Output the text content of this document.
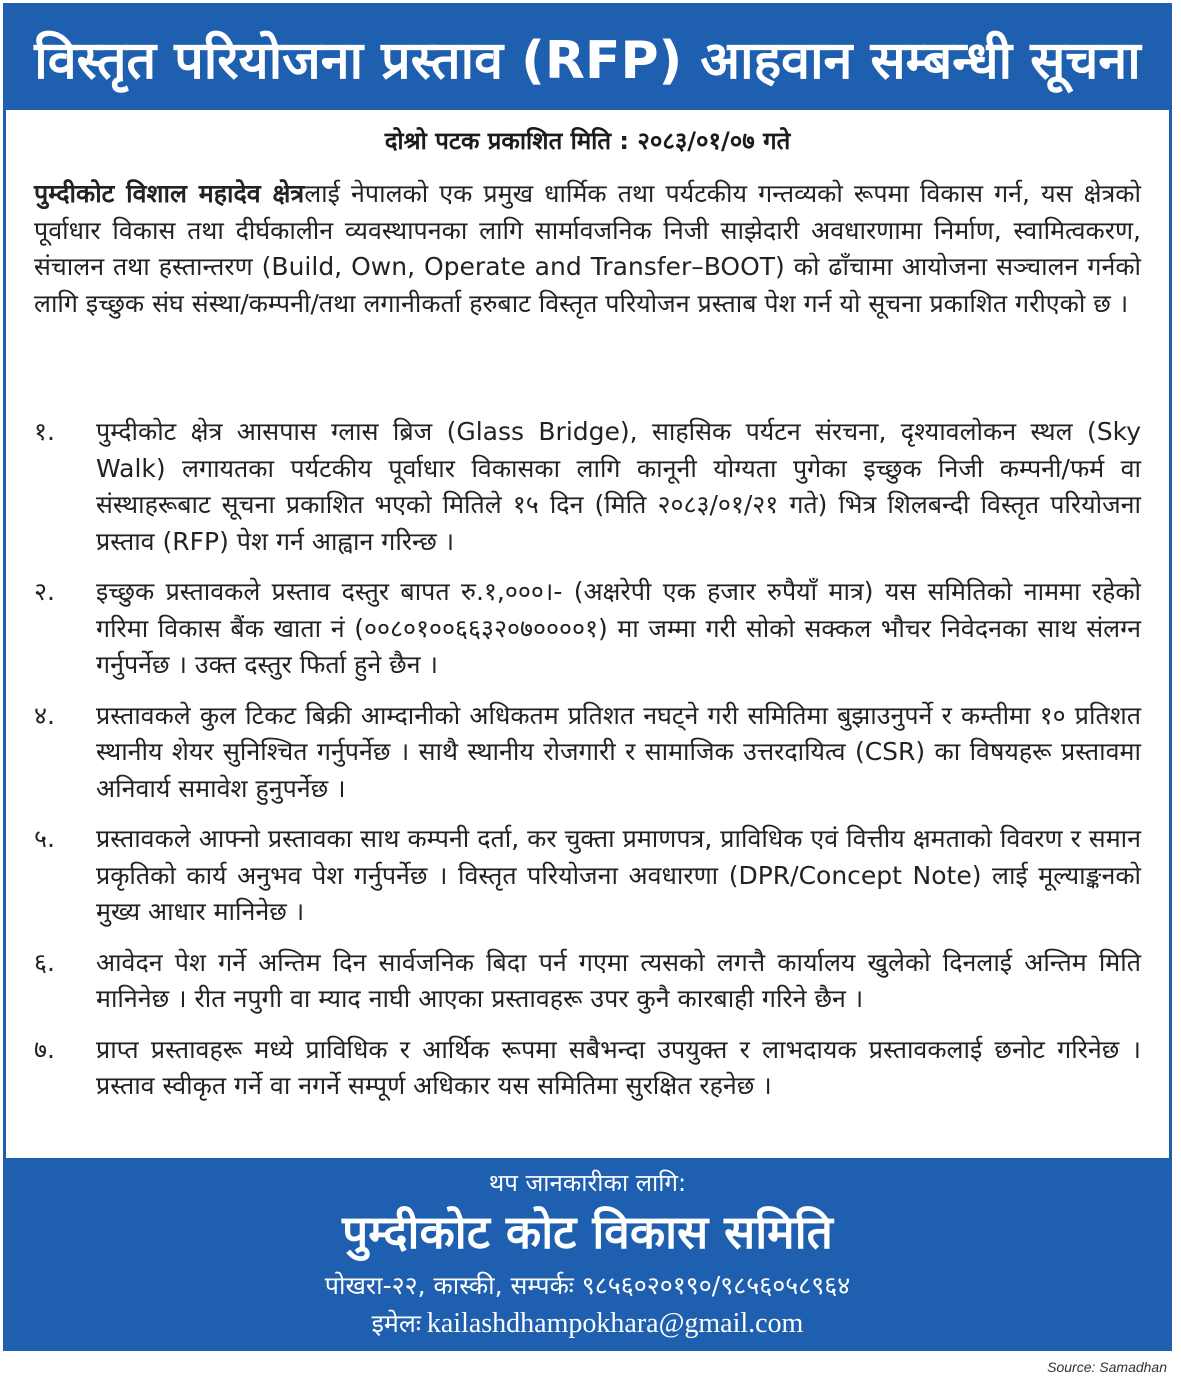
विस्तृत परियोजना प्रस्ताव (RFP) आहवान सम्बन्धी सूचना
दोश्रो पटक प्रकाशित मिति : २०८३/०१/०७ गते
पुम्दीकोट विशाल महादेव क्षेत्रलाई नेपालको एक प्रमुख धार्मिक तथा पर्यटकीय गन्तव्यको रूपमा विकास गर्न, यस क्षेत्रको पूर्वाधार विकास तथा दीर्घकालीन व्यवस्थापनका लागि सार्मावजनिक निजी साझेदारी अवधारणामा निर्माण, स्वामित्वकरण, संचालन तथा हस्तान्तरण (Build, Own, Operate and Transfer–BOOT) को ढाँचामा आयोजना सञ्चालन गर्नको लागि इच्छुक संघ संस्था/कम्पनी/तथा लगानीकर्ता हरुबाट विस्तृत परियोजन प्रस्ताब पेश गर्न यो सूचना प्रकाशित गरीएको छ ।
१.	पुम्दीकोट क्षेत्र आसपास ग्लास ब्रिज (Glass Bridge), साहसिक पर्यटन संरचना, दृश्यावलोकन स्थल (Sky Walk) लगायतका पर्यटकीय पूर्वाधार विकासका लागि कानूनी योग्यता पुगेका इच्छुक निजी कम्पनी/फर्म वा संस्थाहरूबाट सूचना प्रकाशित भएको मितिले १५ दिन (मिति २०८३/०१/२१ गते) भित्र शिलबन्दी विस्तृत परियोजना प्रस्ताव (RFP) पेश गर्न आह्वान गरिन्छ ।
२.	इच्छुक प्रस्तावकले प्रस्ताव दस्तुर बापत रु.१,०००।- (अक्षरेपी एक हजार रुपैयाँ मात्र) यस समितिको नाममा रहेको गरिमा विकास बैंक खाता नं (००८०१००६६३२०७००००१) मा जम्मा गरी सोको सक्कल भौचर निवेदनका साथ संलग्न गर्नुपर्नेछ । उक्त दस्तुर फिर्ता हुने छैन ।
४.	प्रस्तावकले कुल टिकट बिक्री आम्दानीको अधिकतम प्रतिशत नघट्ने गरी समितिमा बुझाउनुपर्ने र कम्तीमा १० प्रतिशत स्थानीय शेयर सुनिश्चित गर्नुपर्नेछ । साथै स्थानीय रोजगारी र सामाजिक उत्तरदायित्व (CSR) का विषयहरू प्रस्तावमा अनिवार्य समावेश हुनुपर्नेछ ।
५.	प्रस्तावकले आफ्नो प्रस्तावका साथ कम्पनी दर्ता, कर चुक्ता प्रमाणपत्र, प्राविधिक एवं वित्तीय क्षमताको विवरण र समान प्रकृतिको कार्य अनुभव पेश गर्नुपर्नेछ । विस्तृत परियोजना अवधारणा (DPR/Concept Note) लाई मूल्याङ्कनको मुख्य आधार मानिनेछ ।
६.	आवेदन पेश गर्ने अन्तिम दिन सार्वजनिक बिदा पर्न गएमा त्यसको लगत्तै कार्यालय खुलेको दिनलाई अन्तिम मिति मानिनेछ । रीत नपुगी वा म्याद नाघी आएका प्रस्तावहरू उपर कुनै कारबाही गरिने छैन ।
७.	प्राप्त प्रस्तावहरू मध्ये प्राविधिक र आर्थिक रूपमा सबैभन्दा उपयुक्त र लाभदायक प्रस्तावकलाई छनोट गरिनेछ । प्रस्ताव स्वीकृत गर्ने वा नगर्ने सम्पूर्ण अधिकार यस समितिमा सुरक्षित रहनेछ ।
थप जानकारीका लागि:
पुम्दीकोट कोट विकास समिति
पोखरा-२२, कास्की, सम्पर्कः ९८५६०२०१९०/९८५६०५८९६४
इमेलः kailashdhampokhara@gmail.com
Source: Samadhan
